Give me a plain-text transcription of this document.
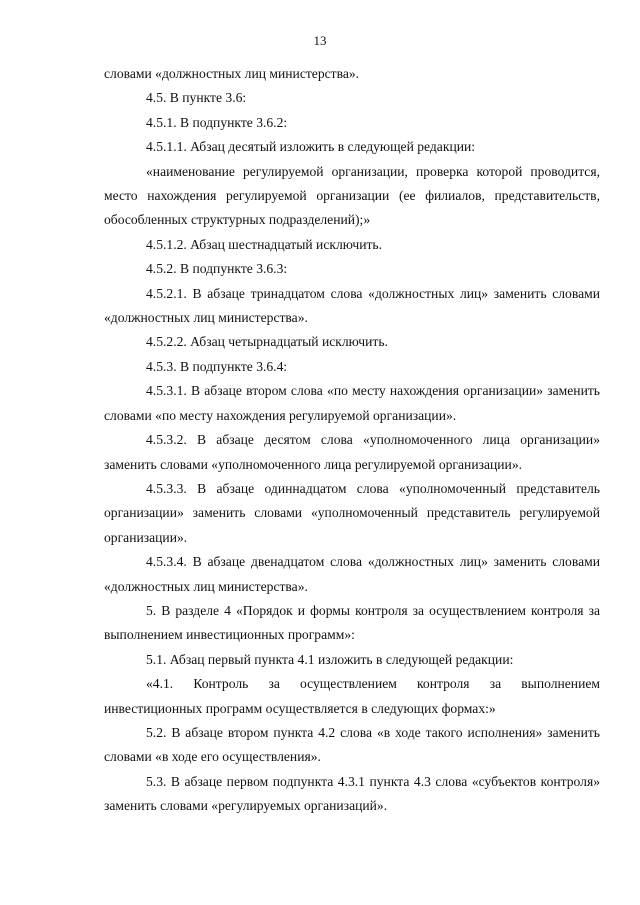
13

словами «должностных лиц министерства».

4.5. В пункте 3.6:

4.5.1. В подпункте 3.6.2:

4.5.1.1. Абзац десятый изложить в следующей редакции:

«наименование регулируемой организации, проверка которой проводится, место нахождения регулируемой организации (ее филиалов, представительств, обособленных структурных подразделений);»

4.5.1.2. Абзац шестнадцатый исключить.

4.5.2. В подпункте 3.6.3:

4.5.2.1. В абзаце тринадцатом слова «должностных лиц» заменить словами «должностных лиц министерства».

4.5.2.2. Абзац четырнадцатый исключить.

4.5.3. В подпункте 3.6.4:

4.5.3.1. В абзаце втором слова «по месту нахождения организации» заменить словами «по месту нахождения регулируемой организации».

4.5.3.2. В абзаце десятом слова «уполномоченного лица организации» заменить словами «уполномоченного лица регулируемой организации».

4.5.3.3. В абзаце одиннадцатом слова «уполномоченный представитель организации» заменить словами «уполномоченный представитель регулируемой организации».

4.5.3.4. В абзаце двенадцатом слова «должностных лиц» заменить словами «должностных лиц министерства».

5. В разделе 4 «Порядок и формы контроля за осуществлением контроля за выполнением инвестиционных программ»:

5.1. Абзац первый пункта 4.1 изложить в следующей редакции:

«4.1. Контроль за осуществлением контроля за выполнением инвестиционных программ осуществляется в следующих формах:»

5.2. В абзаце втором пункта 4.2 слова «в ходе такого исполнения» заменить словами «в ходе его осуществления».

5.3. В абзаце первом подпункта 4.3.1 пункта 4.3 слова «субъектов контроля» заменить словами «регулируемых организаций».
